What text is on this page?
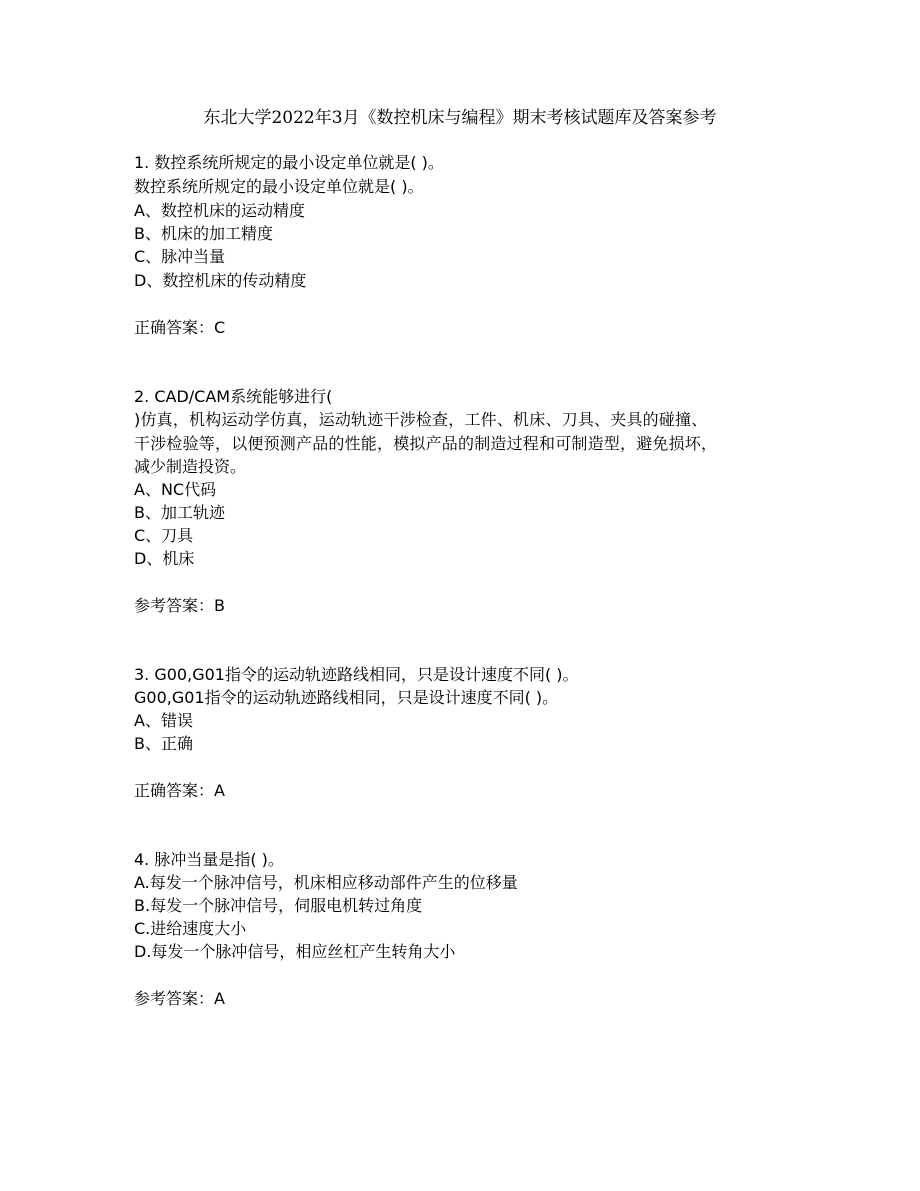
东北大学2022年3月《数控机床与编程》期末考核试题库及答案参考
1. 数控系统所规定的最小设定单位就是( )。
数控系统所规定的最小设定单位就是( )。
A、数控机床的运动精度
B、机床的加工精度
C、脉冲当量
D、数控机床的传动精度
正确答案：C
2. CAD/CAM系统能够进行(
)仿真，机构运动学仿真，运动轨迹干涉检查，工件、机床、刀具、夹具的碰撞、
干涉检验等，以便预测产品的性能，模拟产品的制造过程和可制造型，避免损坏，
减少制造投资。
A、NC代码
B、加工轨迹
C、刀具
D、机床
参考答案：B
3. G00,G01指令的运动轨迹路线相同，只是设计速度不同( )。
G00,G01指令的运动轨迹路线相同，只是设计速度不同( )。
A、错误
B、正确
正确答案：A
4. 脉冲当量是指( )。
A.每发一个脉冲信号，机床相应移动部件产生的位移量
B.每发一个脉冲信号，伺服电机转过角度
C.进给速度大小
D.每发一个脉冲信号，相应丝杠产生转角大小
参考答案：A
